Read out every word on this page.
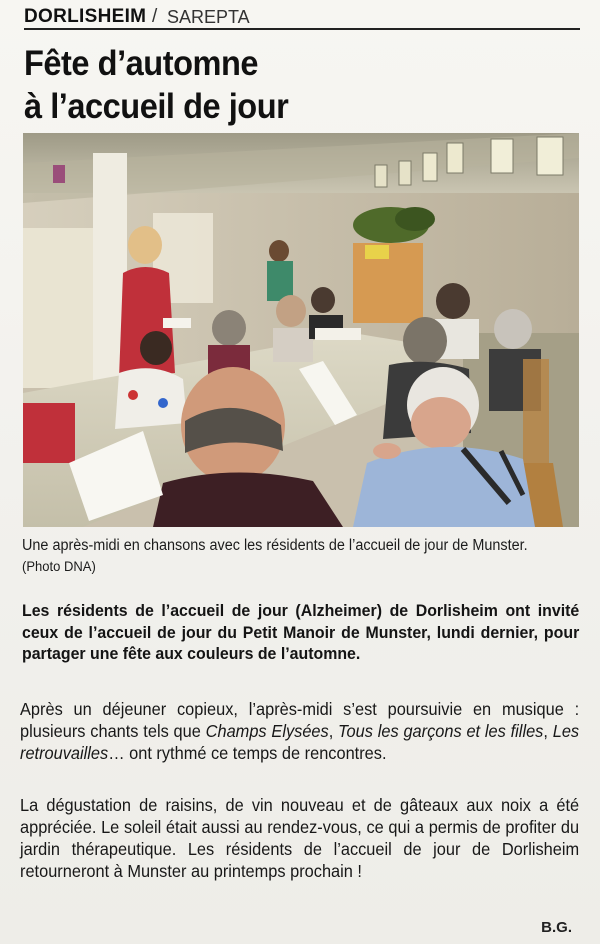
DORLISHEIM / SAREPTA
Fête d’automne
à l’accueil de jour
Une après-midi en chansons avec les résidents de l’accueil de jour de Munster. (Photo DNA)
Les résidents de l’accueil de jour (Alzheimer) de Dorlisheim ont invité ceux de l’accueil de jour du Petit Manoir de Munster, lundi dernier, pour partager une fête aux couleurs de l’automne.
Après un déjeuner copieux, l’après-midi s’est poursuivie en musique : plusieurs chants tels que Champs Elysées, Tous les garçons et les filles, Les retrouvailles… ont rythmé ce temps de rencontres.
La dégustation de raisins, de vin nouveau et de gâteaux aux noix a été appréciée. Le soleil était aussi au rendez-vous, ce qui a permis de profiter du jardin thérapeutique. Les résidents de l’accueil de jour de Dorlisheim retourneront à Munster au printemps prochain !
B.G.
